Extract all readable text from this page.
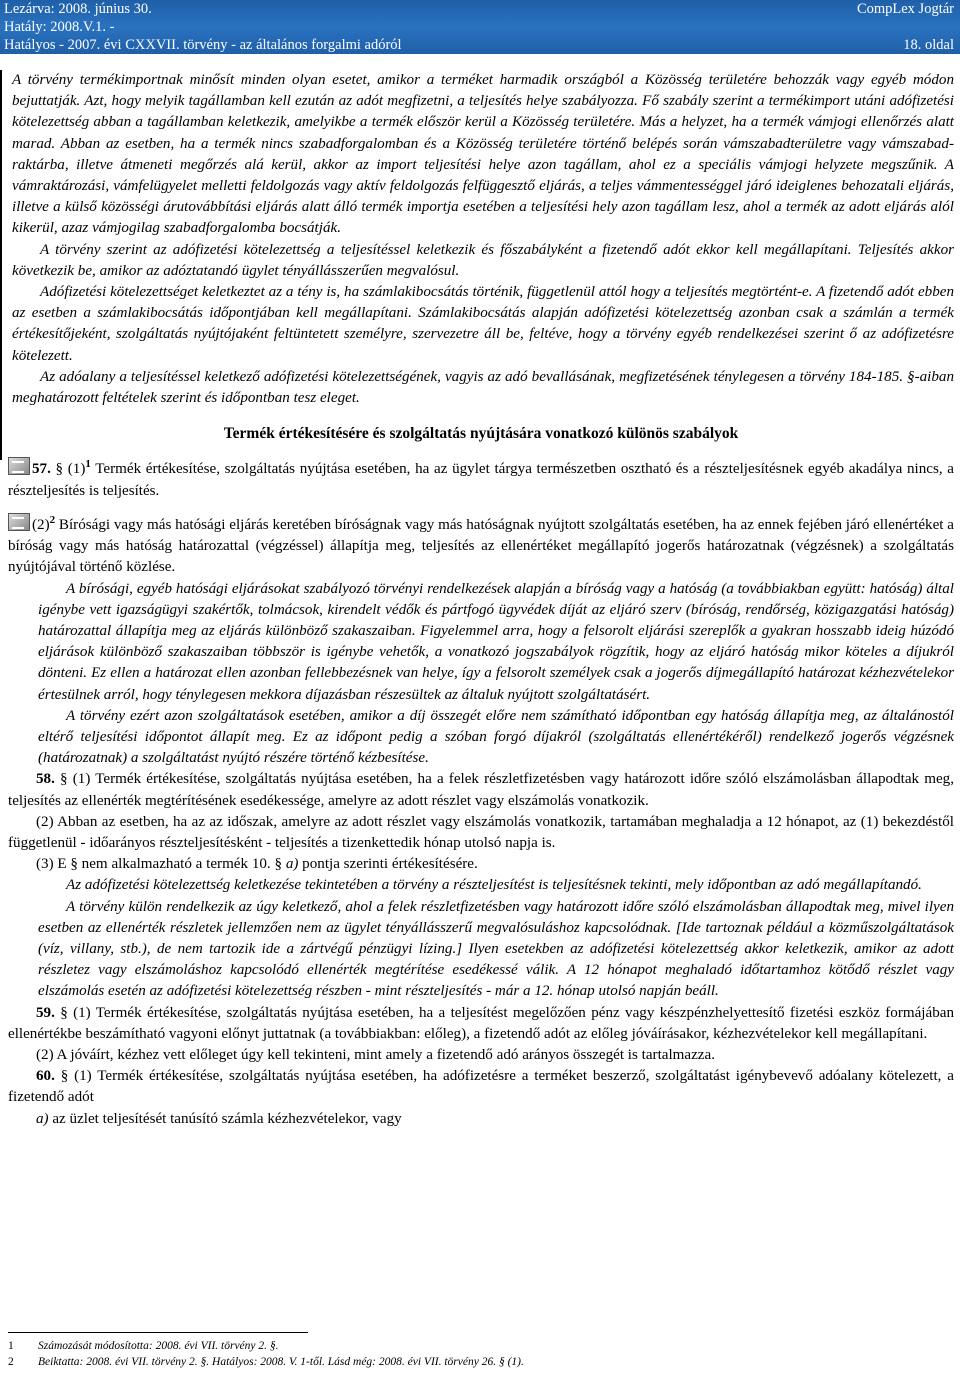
Lezárva: 2008. június 30.
Hatály: 2008.V.1. -
Hatályos - 2007. évi CXXVII. törvény - az általános forgalmi adóról
CompLex Jogtár
18. oldal

A törvény termékimportnak minősít minden olyan esetet, amikor a terméket harmadik országból a Közösség területére behozzák vagy egyéb módon bejuttatják. Azt, hogy melyik tagállamban kell ezután az adót megfizetni, a teljesítés helye szabályozza. Fő szabály szerint a termékimport utáni adófizetési kötelezettség abban a tagállamban keletkezik, amelyikbe a termék először kerül a Közösség területére. Más a helyzet, ha a termék vámjogi ellenőrzés alatt marad. Abban az esetben, ha a termék nincs szabadforgalomban és a Közösség területére történő belépés során vámszabadterületre vagy vámszabad-raktárba, illetve átmeneti megőrzés alá kerül, akkor az import teljesítési helye azon tagállam, ahol ez a speciális vámjogi helyzete megszűnik. A vámraktározási, vámfelügyelet melletti feldolgozás vagy aktív feldolgozás felfüggesztő eljárás, a teljes vámmentességgel járó ideiglenes behozatali eljárás, illetve a külső közösségi árutovábbítási eljárás alatt álló termék importja esetében a teljesítési hely azon tagállam lesz, ahol a termék az adott eljárás alól kikerül, azaz vámjogilag szabadforgalomba bocsátják.

A törvény szerint az adófizetési kötelezettség a teljesítéssel keletkezik és főszabályként a fizetendő adót ekkor kell megállapítani. Teljesítés akkor következik be, amikor az adóztatandó ügylet tényállásszerűen megvalósul.

Adófizetési kötelezettséget keletkeztet az a tény is, ha számlakibocsátás történik, függetlenül attól hogy a teljesítés megtörtént-e. A fizetendő adót ebben az esetben a számlakibocsátás időpontjában kell megállapítani. Számlakibocsátás alapján adófizetési kötelezettség azonban csak a számlán a termék értékesítőjeként, szolgáltatás nyújtójaként feltüntetett személyre, szervezetre áll be, feltéve, hogy a törvény egyéb rendelkezései szerint ő az adófizetésre kötelezett.

Az adóalany a teljesítéssel keletkező adófizetési kötelezettségének, vagyis az adó bevallásának, megfizetésének ténylegesen a törvény 184-185. §-aiban meghatározott feltételek szerint és időpontban tesz eleget.

Termék értékesítésére és szolgáltatás nyújtására vonatkozó különös szabályok

57. § $(1)^1$ Termék értékesítése, szolgáltatás nyújtása esetében, ha az ügylet tárgya természetben osztható és a részteljesítésnek egyéb akadálya nincs, a részteljesítés is teljesítés.

$(2)^2$ Bírósági vagy más hatósági eljárás keretében bíróságnak vagy más hatóságnak nyújtott szolgáltatás esetében, ha az ennek fejében járó ellenértéket a bíróság vagy más hatóság határozattal (végzéssel) állapítja meg, teljesítés az ellenértéket megállapító jogerős határozatnak (végzésnek) a szolgáltatás nyújtójával történő közlése.

A bírósági, egyéb hatósági eljárásokat szabályozó törvényi rendelkezések alapján a bíróság vagy a hatóság (a továbbiakban együtt: hatóság) által igénybe vett igazságügyi szakértők, tolmácsok, kirendelt védők és pártfogó ügyvédek díját az eljáró szerv (bíróság, rendőrség, közigazgatási hatóság) határozattal állapítja meg az eljárás különböző szakaszaiban. Figyelemmel arra, hogy a felsorolt eljárási szereplők a gyakran hosszabb ideig húzódó eljárások különböző szakaszaiban többször is igénybe vehetők, a vonatkozó jogszabályok rögzítik, hogy az eljáró hatóság mikor köteles a díjukról dönteni. Ez ellen a határozat ellen azonban fellebbezésnek van helye, így a felsorolt személyek csak a jogerős díjmegállapító határozat kézhezvételekor értesülnek arról, hogy ténylegesen mekkora díjazásban részesültek az általuk nyújtott szolgáltatásért.

A törvény ezért azon szolgáltatások esetében, amikor a díj összegét előre nem számítható időpontban egy hatóság állapítja meg, az általánostól eltérő teljesítési időpontot állapít meg. Ez az időpont pedig a szóban forgó díjakról (szolgáltatás ellenértékéről) rendelkező jogerős végzésnek (határozatnak) a szolgáltatást nyújtó részére történő kézbesítése.

58. § (1) Termék értékesítése, szolgáltatás nyújtása esetében, ha a felek részletfizetésben vagy határozott időre szóló elszámolásban állapodtak meg, teljesítés az ellenérték megtérítésének esedékessége, amelyre az adott részlet vagy elszámolás vonatkozik.

(2) Abban az esetben, ha az az időszak, amelyre az adott részlet vagy elszámolás vonatkozik, tartamában meghaladja a 12 hónapot, az (1) bekezdéstől függetlenül - időarányos részteljesítésként - teljesítés a tizenkettedik hónap utolsó napja is.

(3) E § nem alkalmazható a termék 10. § a) pontja szerinti értékesítésére.

Az adófizetési kötelezettség keletkezése tekintetében a törvény a részteljesítést is teljesítésnek tekinti, mely időpontban az adó megállapítandó.

A törvény külön rendelkezik az úgy keletkező, ahol a felek részletfizetésben vagy határozott időre szóló elszámolásban állapodtak meg, mivel ilyen esetben az ellenérték részletek jellemzően nem az ügylet tényállásszerű megvalósuláshoz kapcsolódnak. [Ide tartoznak például a közműszolgáltatások (víz, villany, stb.), de nem tartozik ide a zártvégű pénzügyi lízing.] Ilyen esetekben az adófizetési kötelezettség akkor keletkezik, amikor az adott részletez vagy elszámoláshoz kapcsolódó ellenérték megtérítése esedékessé válik. A 12 hónapot meghaladó időtartamhoz kötődő részlet vagy elszámolás esetén az adófizetési kötelezettség részben - mint részteljesítés - már a 12. hónap utolsó napján beáll.

59. § (1) Termék értékesítése, szolgáltatás nyújtása esetében, ha a teljesítést megelőzően pénz vagy készpénzhelyettesítő fizetési eszköz formájában ellenértékbe beszámítható vagyoni előnyt juttatnak (a továbbiakban: előleg), a fizetendő adót az előleg jóváírásakor, kézhezvételekor kell megállapítani.

(2) A jóváírt, kézhez vett előleget úgy kell tekinteni, mint amely a fizetendő adó arányos összegét is tartalmazza.

60. § (1) Termék értékesítése, szolgáltatás nyújtása esetében, ha adófizetésre a terméket beszerző, szolgáltatást igénybevevő adóalany kötelezett, a fizetendő adót

a) az üzlet teljesítését tanúsító számla kézhezvételekor, vagy

1 Számozását módosította: 2008. évi VII. törvény 2. §.
2 Beiktatta: 2008. évi VII. törvény 2. §. Hatályos: 2008. V. 1-től. Lásd még: 2008. évi VII. törvény 26. § (1).
